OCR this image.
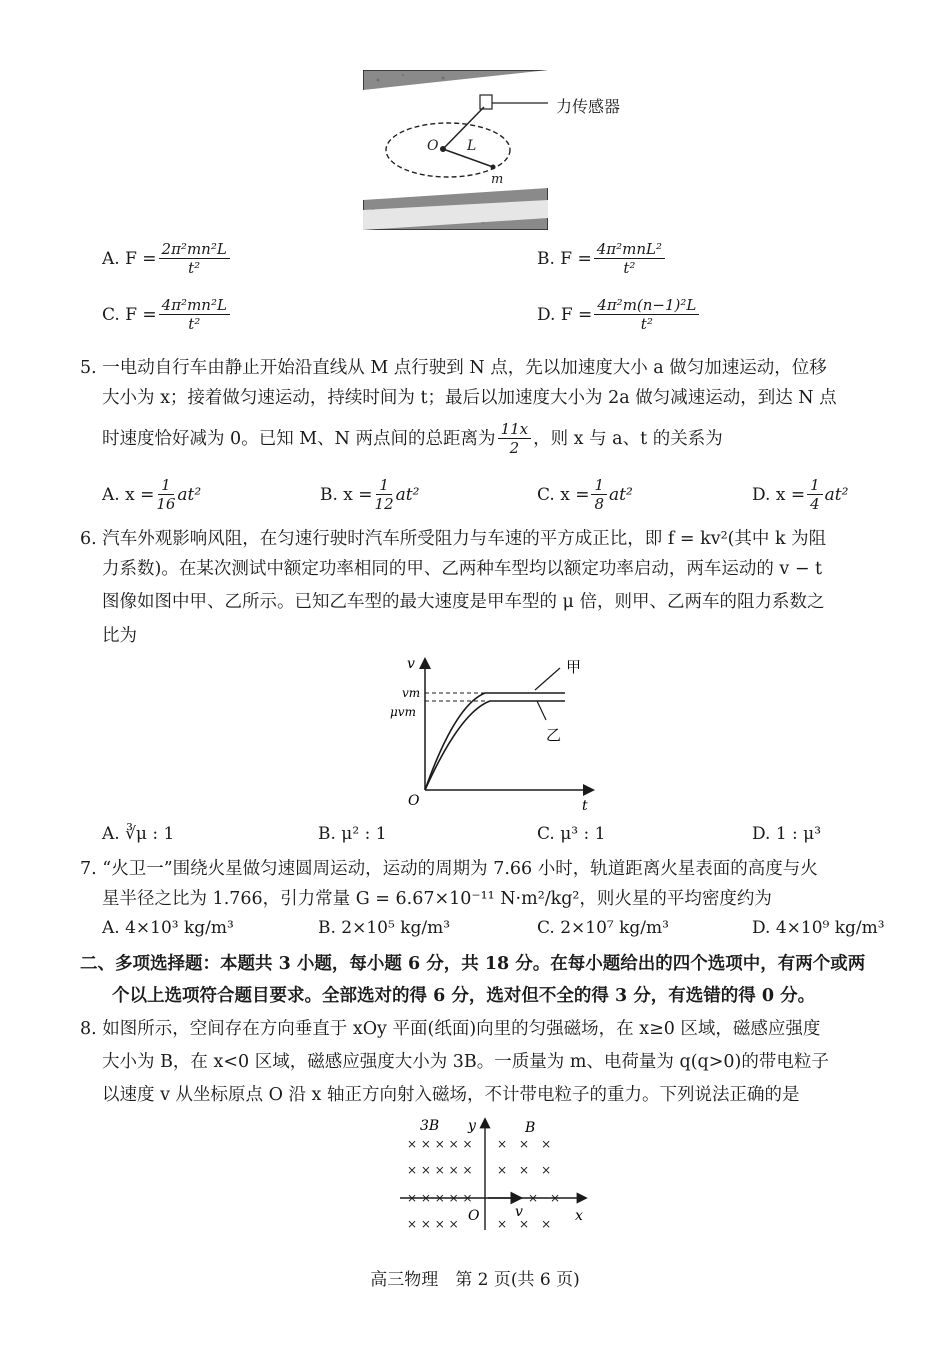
O L
m
力传感器
A. $F = \frac{\text{2π²mn²L}}{\text{t²}}$	B. $F = \frac{\text{4π²mnL²}}{\text{t²}}$
C. $F = \frac{\text{4π²mn²L}}{\text{t²}}$	D. $F = \frac{\text{4π²m(n−1)²L}}{\text{t²}}$
5. 一电动自行车由静止开始沿直线从 M 点行驶到 N 点，先以加速度大小 a 做匀加速运动，位移
大小为 x；接着做匀速运动，持续时间为 t；最后以加速度大小为 2a 做匀减速运动，到达 N 点
时速度恰好减为 0。已知 M、N 两点间的总距离为 $\frac{11x}{2}$ ，则 x 与 a、t 的关系为
A. $x = \frac{1}{16} at^2$	B. $x = \frac{1}{12} at^2$	C. $x = \frac{1}{8} at^2$	D. $x = \frac{1}{4} at^2$
6. 汽车外观影响风阻，在匀速行驶时汽车所受阻力与车速的平方成正比，即 f = kv²(其中 k 为阻
力系数)。在某次测试中额定功率相同的甲、乙两种车型均以额定功率启动，两车运动的 v − t
图像如图中甲、乙所示。已知乙车型的最大速度是甲车型的 μ 倍，则甲、乙两车的阻力系数之
比为
v
t
O
vm
μvm
甲
乙
A. ∛μ : 1	B. μ² : 1	C. μ³ : 1	D. 1 : μ³
7. “火卫一”围绕火星做匀速圆周运动，运动的周期为 7.66 小时，轨道距离火星表面的高度与火
星半径之比为 1.766，引力常量 G = 6.67×10⁻¹¹ N·m²/kg²，则火星的平均密度约为
A. 4×10³ kg/m³	B. 2×10⁵ kg/m³	C. 2×10⁷ kg/m³	D. 4×10⁹ kg/m³
二、多项选择题：本题共 3 小题，每小题 6 分，共 18 分。在每小题给出的四个选项中，有两个或两
个以上选项符合题目要求。全部选对的得 6 分，选对但不全的得 3 分，有选错的得 0 分。
8. 如图所示，空间存在方向垂直于 xOy 平面(纸面)向里的匀强磁场，在 x≥0 区域，磁感应强度
大小为 B，在 x<0 区域，磁感应强度大小为 3B。一质量为 m、电荷量为 q(q>0)的带电粒子
以速度 v 从坐标原点 O 沿 x 轴正方向射入磁场，不计带电粒子的重力。下列说法正确的是
× × × × ×
× × × × ×
× × × × ×
× × × ×
×　×　×
×　×　×
×　×
×　×　×
3B	B
y
x
O	v
高三物理　第 2 页(共 6 页)
